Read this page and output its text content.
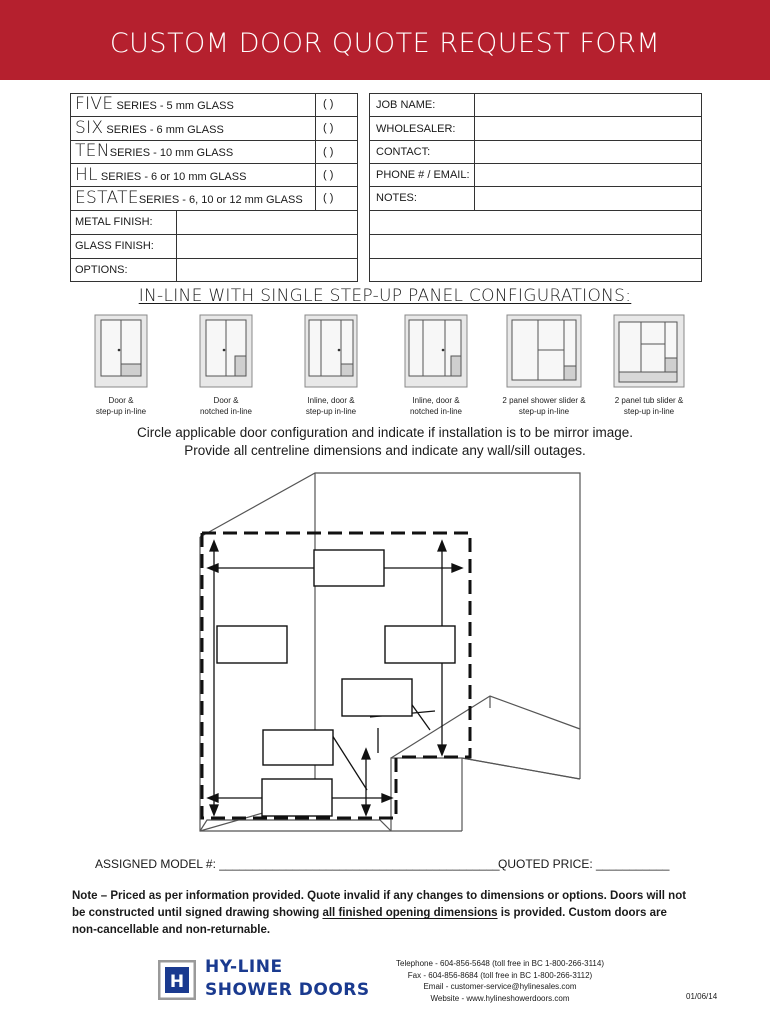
CUSTOM DOOR QUOTE REQUEST FORM
FIVE SERIES - 5 mm GLASS
SIX SERIES - 6 mm GLASS
TENSERIES - 10 mm GLASS
HL SERIES - 6 or 10 mm GLASS
ESTATESERIES - 6, 10 or 12 mm GLASS
( )
( )
( )
( )
( )
METAL FINISH:
GLASS FINISH:
OPTIONS:
JOB NAME:
WHOLESALER:
CONTACT:
PHONE # / EMAIL:
NOTES:
IN-LINE WITH SINGLE STEP-UP PANEL CONFIGURATIONS:
Door &
step-up in-line
Door &
notched in-line
Inline, door &
step-up in-line
Inline, door &
notched in-line
2 panel shower slider &
step-up in-line
2 panel tub slider &
step-up in-line
Circle applicable door configuration and indicate if installation is to be mirror image.
Provide all centreline dimensions and indicate any wall/sill outages.
ASSIGNED MODEL #: __________________________________________
QUOTED PRICE: ___________
Note – Priced as per information provided. Quote invalid if any changes to dimensions or options. Doors will not be constructed until signed drawing showing all finished opening dimensions is provided. Custom doors are non-cancellable and non-returnable.
H
HY-LINE
SHOWER DOORS
Telephone - 604-856-5648 (toll free in BC 1-800-266-3114)
Fax - 604-856-8684 (toll free in BC 1-800-266-3112)
Email - customer-service@hylinesales.com
Website - www.hylineshowerdoors.com	01/06/14
